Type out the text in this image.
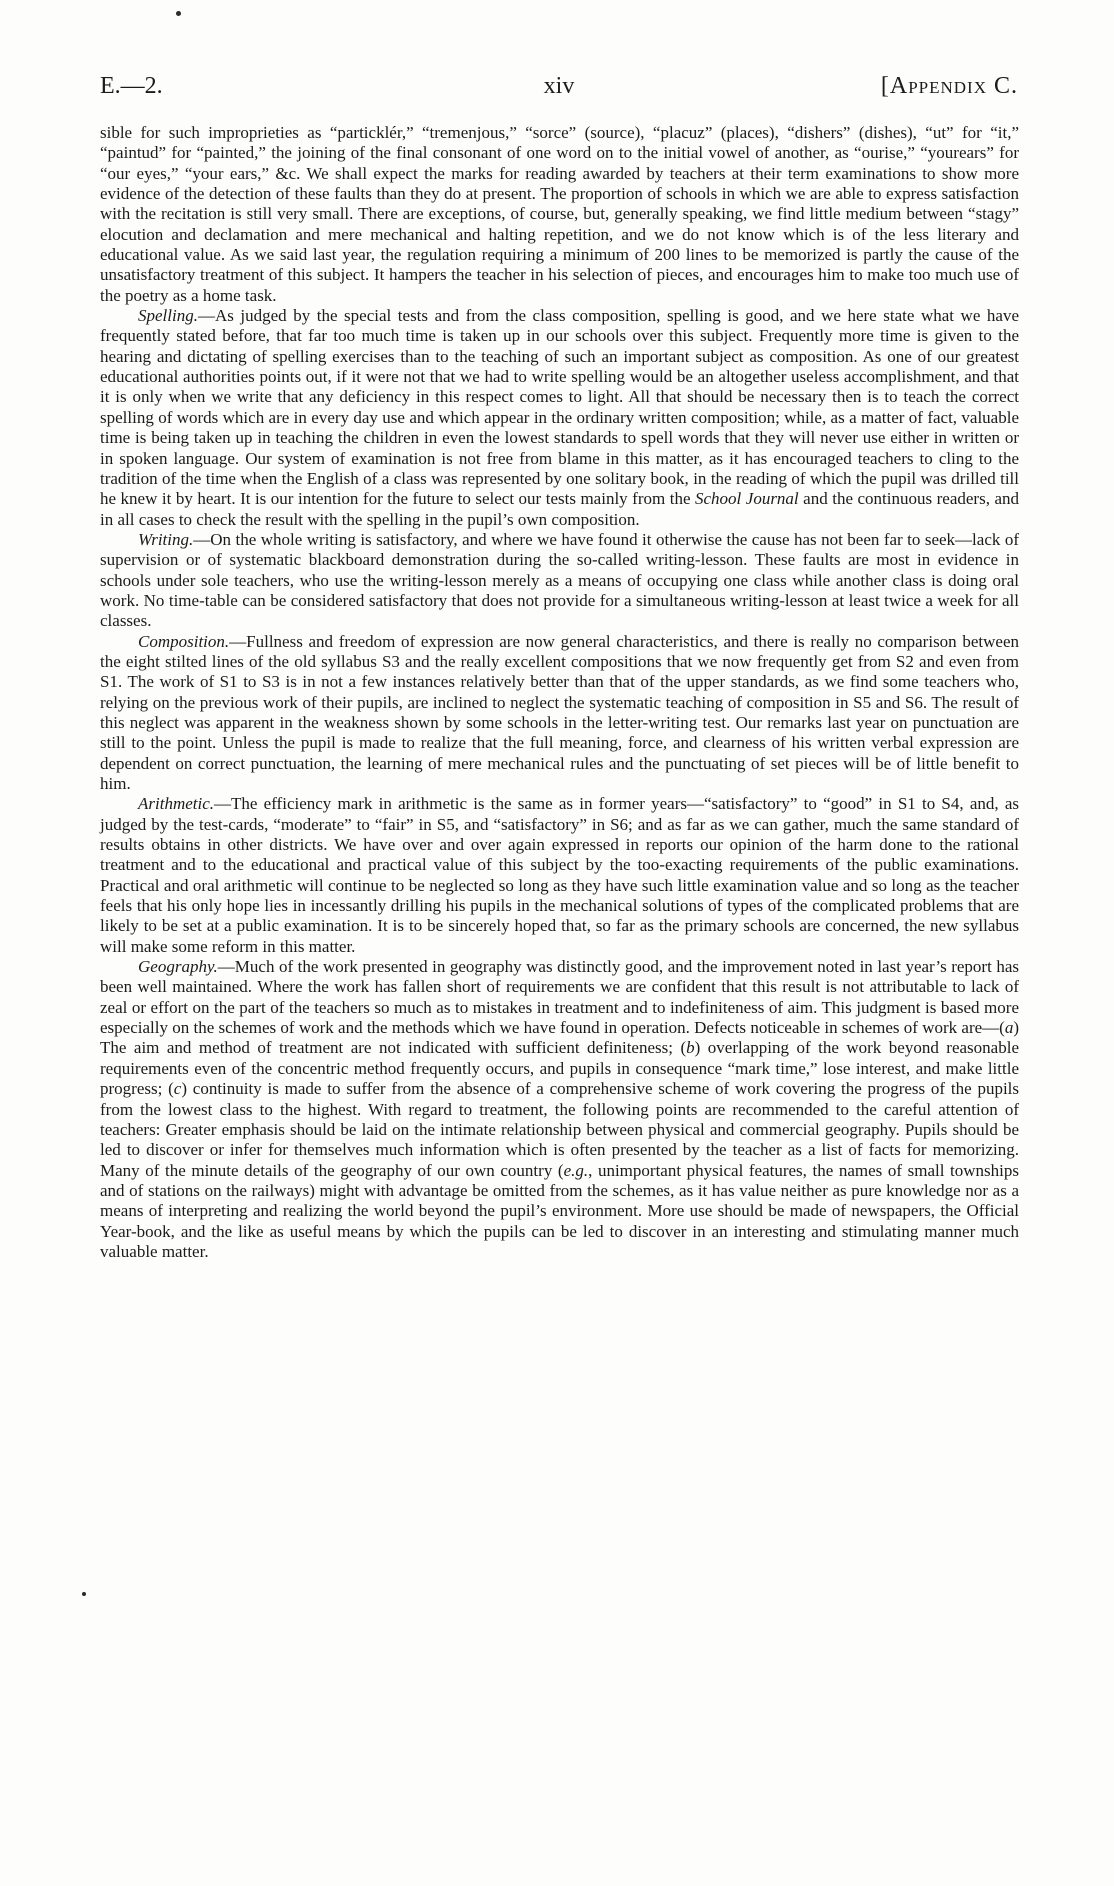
E.—2.	xiv	[Appendix C.

sible for such improprieties as “particklér,” “tremenjous,” “sorce” (source), “placuz” (places), “dishers” (dishes), “ut” for “it,” “paintud” for “painted,” the joining of the final consonant of one word on to the initial vowel of another, as “ourise,” “yourears” for “our eyes,” “your ears,” &c. We shall expect the marks for reading awarded by teachers at their term examinations to show more evidence of the detection of these faults than they do at present. The proportion of schools in which we are able to express satisfaction with the recitation is still very small. There are exceptions, of course, but, generally speaking, we find little medium between “stagy” elocution and declamation and mere mechanical and halting repetition, and we do not know which is of the less literary and educational value. As we said last year, the regulation requiring a minimum of 200 lines to be memorized is partly the cause of the unsatisfactory treatment of this subject. It hampers the teacher in his selection of pieces, and encourages him to make too much use of the poetry as a home task.

Spelling.—As judged by the special tests and from the class composition, spelling is good, and we here state what we have frequently stated before, that far too much time is taken up in our schools over this subject. Frequently more time is given to the hearing and dictating of spelling exercises than to the teaching of such an important subject as composition. As one of our greatest educational authorities points out, if it were not that we had to write spelling would be an altogether useless accomplishment, and that it is only when we write that any deficiency in this respect comes to light. All that should be necessary then is to teach the correct spelling of words which are in every day use and which appear in the ordinary written composition; while, as a matter of fact, valuable time is being taken up in teaching the children in even the lowest standards to spell words that they will never use either in written or in spoken language. Our system of examination is not free from blame in this matter, as it has encouraged teachers to cling to the tradition of the time when the English of a class was represented by one solitary book, in the reading of which the pupil was drilled till he knew it by heart. It is our intention for the future to select our tests mainly from the School Journal and the continuous readers, and in all cases to check the result with the spelling in the pupil’s own composition.

Writing.—On the whole writing is satisfactory, and where we have found it otherwise the cause has not been far to seek—lack of supervision or of systematic blackboard demonstration during the so-called writing-lesson. These faults are most in evidence in schools under sole teachers, who use the writing-lesson merely as a means of occupying one class while another class is doing oral work. No time-table can be considered satisfactory that does not provide for a simultaneous writing-lesson at least twice a week for all classes.

Composition.—Fullness and freedom of expression are now general characteristics, and there is really no comparison between the eight stilted lines of the old syllabus S3 and the really excellent compositions that we now frequently get from S2 and even from S1. The work of S1 to S3 is in not a few instances relatively better than that of the upper standards, as we find some teachers who, relying on the previous work of their pupils, are inclined to neglect the systematic teaching of composition in S5 and S6. The result of this neglect was apparent in the weakness shown by some schools in the letter-writing test. Our remarks last year on punctuation are still to the point. Unless the pupil is made to realize that the full meaning, force, and clearness of his written verbal expression are dependent on correct punctuation, the learning of mere mechanical rules and the punctuating of set pieces will be of little benefit to him.

Arithmetic.—The efficiency mark in arithmetic is the same as in former years—“satisfactory” to “good” in S1 to S4, and, as judged by the test-cards, “moderate” to “fair” in S5, and “satisfactory” in S6; and as far as we can gather, much the same standard of results obtains in other districts. We have over and over again expressed in reports our opinion of the harm done to the rational treatment and to the educational and practical value of this subject by the too-exacting requirements of the public examinations. Practical and oral arithmetic will continue to be neglected so long as they have such little examination value and so long as the teacher feels that his only hope lies in incessantly drilling his pupils in the mechanical solutions of types of the complicated problems that are likely to be set at a public examination. It is to be sincerely hoped that, so far as the primary schools are concerned, the new syllabus will make some reform in this matter.

Geography.—Much of the work presented in geography was distinctly good, and the improvement noted in last year’s report has been well maintained. Where the work has fallen short of requirements we are confident that this result is not attributable to lack of zeal or effort on the part of the teachers so much as to mistakes in treatment and to indefiniteness of aim. This judgment is based more especially on the schemes of work and the methods which we have found in operation. Defects noticeable in schemes of work are—(a) The aim and method of treatment are not indicated with sufficient definiteness; (b) overlapping of the work beyond reasonable requirements even of the concentric method frequently occurs, and pupils in consequence “mark time,” lose interest, and make little progress; (c) continuity is made to suffer from the absence of a comprehensive scheme of work covering the progress of the pupils from the lowest class to the highest. With regard to treatment, the following points are recommended to the careful attention of teachers: Greater emphasis should be laid on the intimate relationship between physical and commercial geography. Pupils should be led to discover or infer for themselves much information which is often presented by the teacher as a list of facts for memorizing. Many of the minute details of the geography of our own country (e.g., unimportant physical features, the names of small townships and of stations on the railways) might with advantage be omitted from the schemes, as it has value neither as pure knowledge nor as a means of interpreting and realizing the world beyond the pupil’s environment. More use should be made of newspapers, the Official Year-book, and the like as useful means by which the pupils can be led to discover in an interesting and stimulating manner much valuable matter.
